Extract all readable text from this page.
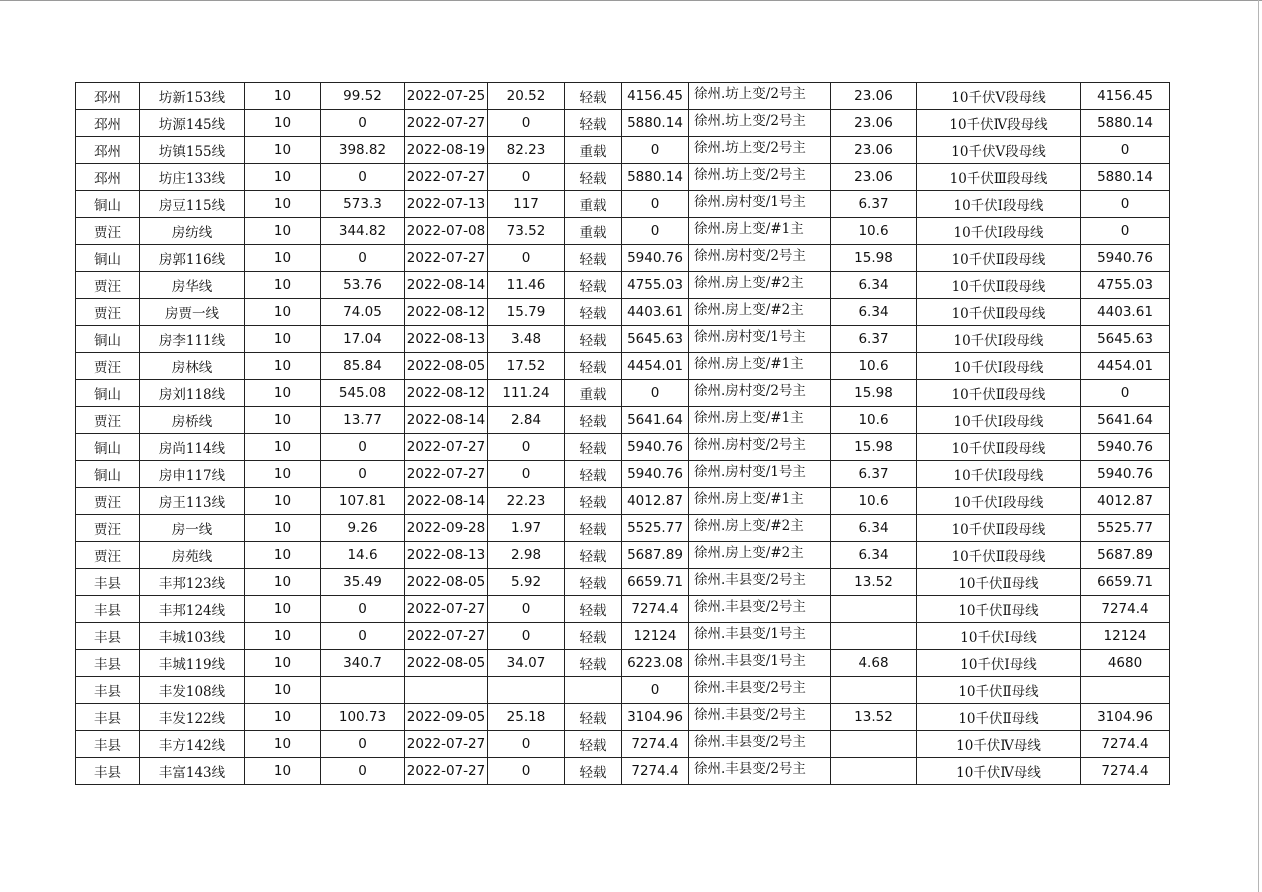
邳州	坊新153线	10	99.52	2022-07-25	20.52	轻载	4156.45	徐州.坊上变/2号主	23.06	10千伏Ⅴ段母线	4156.45
邳州	坊源145线	10	0	2022-07-27	0	轻载	5880.14	徐州.坊上变/2号主	23.06	10千伏Ⅳ段母线	5880.14
邳州	坊镇155线	10	398.82	2022-08-19	82.23	重载	0	徐州.坊上变/2号主	23.06	10千伏Ⅴ段母线	0
邳州	坊庄133线	10	0	2022-07-27	0	轻载	5880.14	徐州.坊上变/2号主	23.06	10千伏Ⅲ段母线	5880.14
铜山	房豆115线	10	573.3	2022-07-13	117	重载	0	徐州.房村变/1号主	6.37	10千伏Ⅰ段母线	0
贾汪	房纺线	10	344.82	2022-07-08	73.52	重载	0	徐州.房上变/#1主	10.6	10千伏Ⅰ段母线	0
铜山	房郭116线	10	0	2022-07-27	0	轻载	5940.76	徐州.房村变/2号主	15.98	10千伏Ⅱ段母线	5940.76
贾汪	房华线	10	53.76	2022-08-14	11.46	轻载	4755.03	徐州.房上变/#2主	6.34	10千伏Ⅱ段母线	4755.03
贾汪	房贾一线	10	74.05	2022-08-12	15.79	轻载	4403.61	徐州.房上变/#2主	6.34	10千伏Ⅱ段母线	4403.61
铜山	房李111线	10	17.04	2022-08-13	3.48	轻载	5645.63	徐州.房村变/1号主	6.37	10千伏Ⅰ段母线	5645.63
贾汪	房林线	10	85.84	2022-08-05	17.52	轻载	4454.01	徐州.房上变/#1主	10.6	10千伏Ⅰ段母线	4454.01
铜山	房刘118线	10	545.08	2022-08-12	111.24	重载	0	徐州.房村变/2号主	15.98	10千伏Ⅱ段母线	0
贾汪	房桥线	10	13.77	2022-08-14	2.84	轻载	5641.64	徐州.房上变/#1主	10.6	10千伏Ⅰ段母线	5641.64
铜山	房尚114线	10	0	2022-07-27	0	轻载	5940.76	徐州.房村变/2号主	15.98	10千伏Ⅱ段母线	5940.76
铜山	房申117线	10	0	2022-07-27	0	轻载	5940.76	徐州.房村变/1号主	6.37	10千伏Ⅰ段母线	5940.76
贾汪	房王113线	10	107.81	2022-08-14	22.23	轻载	4012.87	徐州.房上变/#1主	10.6	10千伏Ⅰ段母线	4012.87
贾汪	房一线	10	9.26	2022-09-28	1.97	轻载	5525.77	徐州.房上变/#2主	6.34	10千伏Ⅱ段母线	5525.77
贾汪	房苑线	10	14.6	2022-08-13	2.98	轻载	5687.89	徐州.房上变/#2主	6.34	10千伏Ⅱ段母线	5687.89
丰县	丰邦123线	10	35.49	2022-08-05	5.92	轻载	6659.71	徐州.丰县变/2号主	13.52	10千伏Ⅱ母线	6659.71
丰县	丰邦124线	10	0	2022-07-27	0	轻载	7274.4	徐州.丰县变/2号主		10千伏Ⅱ母线	7274.4
丰县	丰城103线	10	0	2022-07-27	0	轻载	12124	徐州.丰县变/1号主		10千伏Ⅰ母线	12124
丰县	丰城119线	10	340.7	2022-08-05	34.07	轻载	6223.08	徐州.丰县变/1号主	4.68	10千伏Ⅰ母线	4680
丰县	丰发108线	10					0	徐州.丰县变/2号主		10千伏Ⅱ母线	
丰县	丰发122线	10	100.73	2022-09-05	25.18	轻载	3104.96	徐州.丰县变/2号主	13.52	10千伏Ⅱ母线	3104.96
丰县	丰方142线	10	0	2022-07-27	0	轻载	7274.4	徐州.丰县变/2号主		10千伏Ⅳ母线	7274.4
丰县	丰富143线	10	0	2022-07-27	0	轻载	7274.4	徐州.丰县变/2号主		10千伏Ⅳ母线	7274.4
